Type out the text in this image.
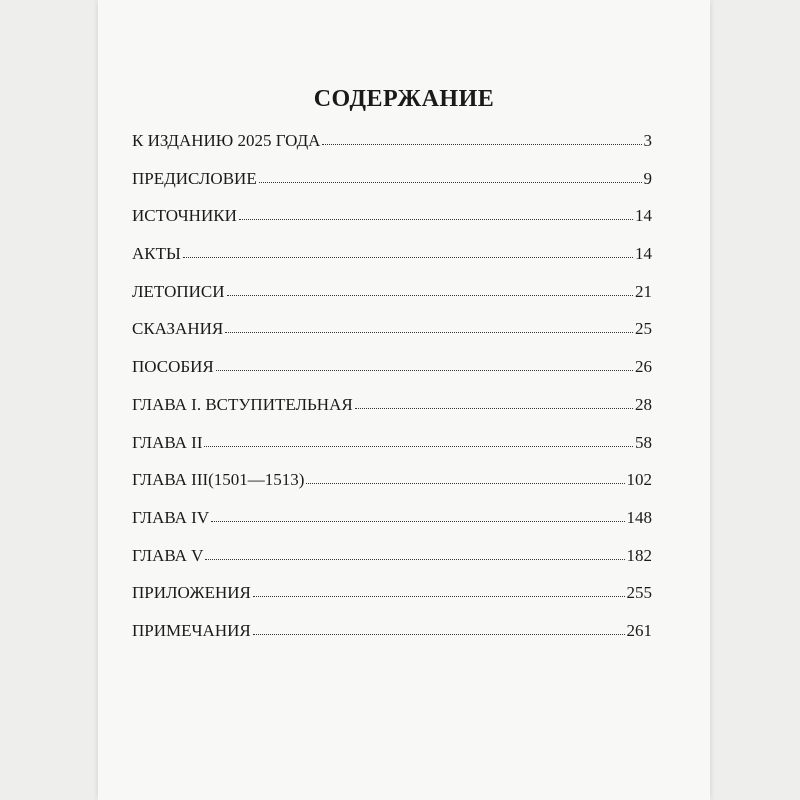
СОДЕРЖАНИЕ
К ИЗДАНИЮ 2025 ГОДА	3
ПРЕДИСЛОВИЕ	9
ИСТОЧНИКИ	14
АКТЫ	14
ЛЕТОПИСИ	21
СКАЗАНИЯ	25
ПОСОБИЯ	26
ГЛАВА I. ВСТУПИТЕЛЬНАЯ	28
ГЛАВА II	58
ГЛАВА III(1501—1513)	102
ГЛАВА IV	148
ГЛАВА V	182
ПРИЛОЖЕНИЯ	255
ПРИМЕЧАНИЯ	261
